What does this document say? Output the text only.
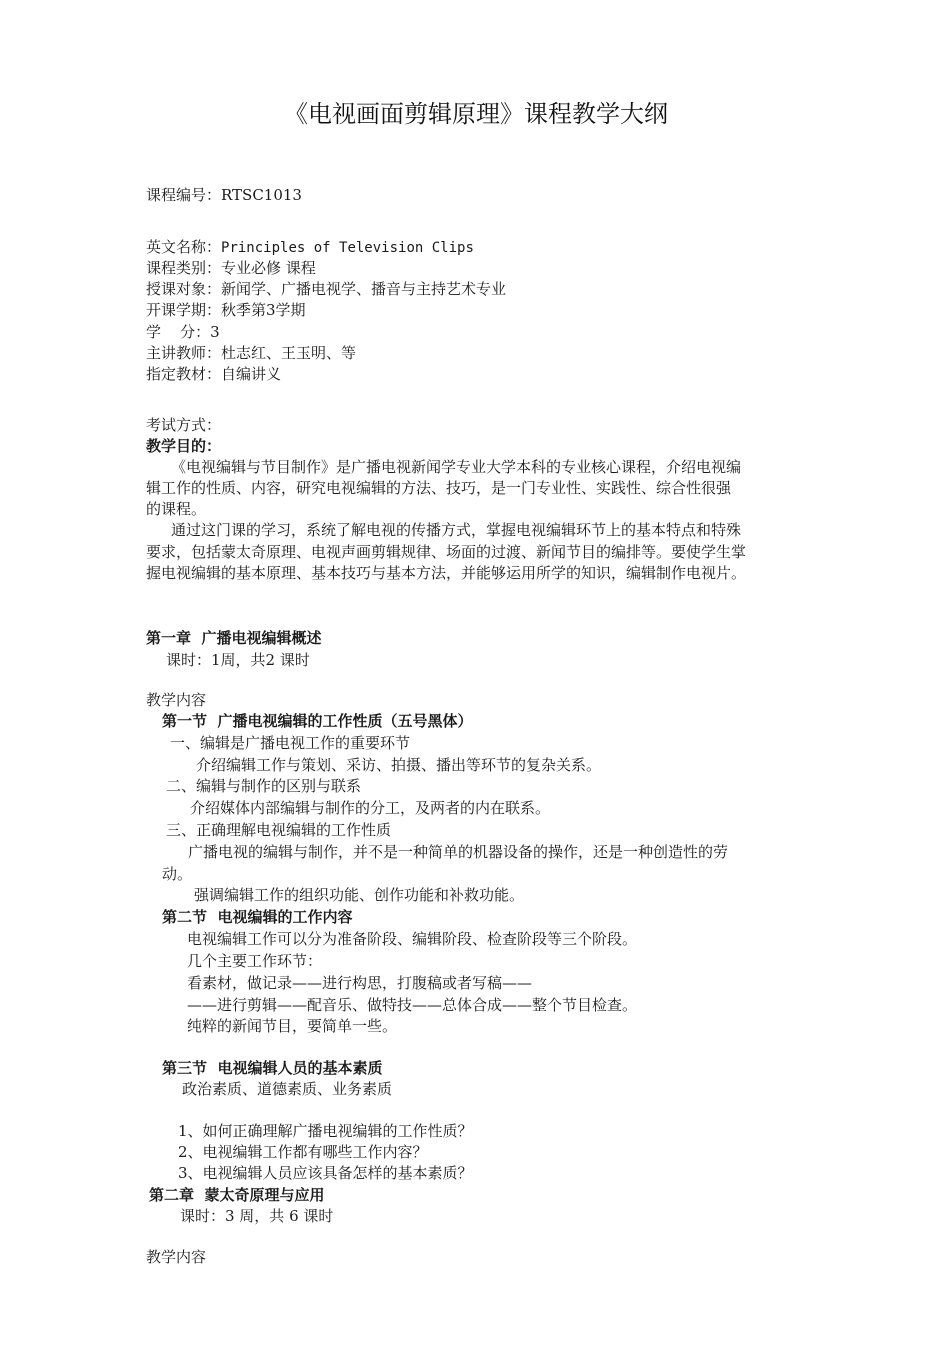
《电视画面剪辑原理》课程教学大纲

课程编号：RTSC1013

英文名称：Principles of Television Clips

课程类别：专业必修 课程

授课对象：新闻学、广播电视学、播音与主持艺术专业

开课学期：秋季第3学期

学    分：3

主讲教师：杜志红、王玉明、等

指定教材：自编讲义

考试方式：

教学目的：

《电视编辑与节目制作》是广播电视新闻学专业大学本科的专业核心课程，介绍电视编

辑工作的性质、内容，研究电视编辑的方法、技巧，是一门专业性、实践性、综合性很强

的课程。

通过这门课的学习，系统了解电视的传播方式，掌握电视编辑环节上的基本特点和特殊

要求，包括蒙太奇原理、电视声画剪辑规律、场面的过渡、新闻节目的编排等。要使学生掌

握电视编辑的基本原理、基本技巧与基本方法，并能够运用所学的知识，编辑制作电视片。

第一章  广播电视编辑概述

课时：1周，共2 课时

教学内容

第一节  广播电视编辑的工作性质（五号黑体）

一、编辑是广播电视工作的重要环节

介绍编辑工作与策划、采访、拍摄、播出等环节的复杂关系。

二、编辑与制作的区别与联系

介绍媒体内部编辑与制作的分工，及两者的内在联系。

三、正确理解电视编辑的工作性质

广播电视的编辑与制作，并不是一种简单的机器设备的操作，还是一种创造性的劳

动。

强调编辑工作的组织功能、创作功能和补救功能。

第二节  电视编辑的工作内容

电视编辑工作可以分为准备阶段、编辑阶段、检查阶段等三个阶段。

几个主要工作环节：

看素材，做记录——进行构思，打腹稿或者写稿——

——进行剪辑——配音乐、做特技——总体合成——整个节目检查。

纯粹的新闻节目，要简单一些。

第三节  电视编辑人员的基本素质

政治素质、道德素质、业务素质

1、如何正确理解广播电视编辑的工作性质？

2、电视编辑工作都有哪些工作内容？

3、电视编辑人员应该具备怎样的基本素质？

第二章  蒙太奇原理与应用

课时：3 周，共 6 课时

教学内容
